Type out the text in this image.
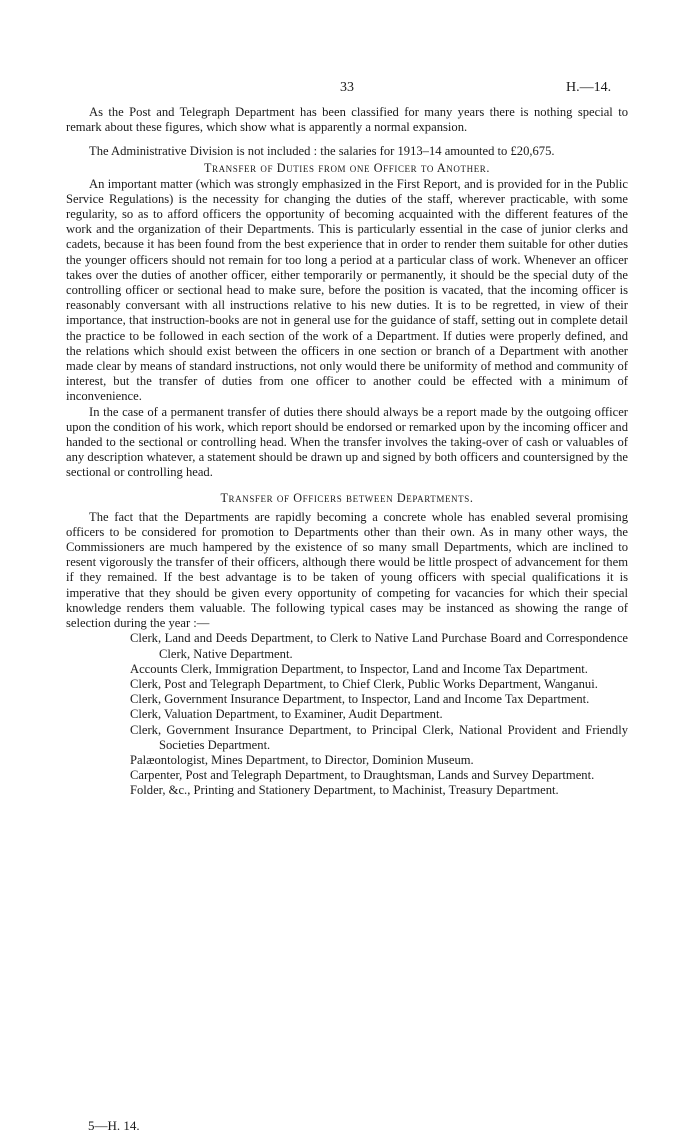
33	H.—14.

As the Post and Telegraph Department has been classified for many years there is nothing special to remark about these figures, which show what is apparently a normal expansion.

The Administrative Division is not included : the salaries for 1913–14 amounted to £20,675.

Transfer of Duties from one Officer to Another.

An important matter (which was strongly emphasized in the First Report, and is provided for in the Public Service Regulations) is the necessity for changing the duties of the staff, wherever practicable, with some regularity, so as to afford officers the opportunity of becoming acquainted with the different features of the work and the organization of their Departments. This is particularly essential in the case of junior clerks and cadets, because it has been found from the best experience that in order to render them suitable for other duties the younger officers should not remain for too long a period at a particular class of work. Whenever an officer takes over the duties of another officer, either temporarily or permanently, it should be the special duty of the controlling officer or sectional head to make sure, before the position is vacated, that the incoming officer is reasonably conversant with all instructions relative to his new duties. It is to be regretted, in view of their importance, that instruction-books are not in general use for the guidance of staff, setting out in complete detail the practice to be followed in each section of the work of a Department. If duties were properly defined, and the relations which should exist between the officers in one section or branch of a Department with another made clear by means of standard instructions, not only would there be uniformity of method and community of interest, but the transfer of duties from one officer to another could be effected with a minimum of inconvenience.

In the case of a permanent transfer of duties there should always be a report made by the outgoing officer upon the condition of his work, which report should be endorsed or remarked upon by the incoming officer and handed to the sectional or controlling head. When the transfer involves the taking-over of cash or valuables of any description whatever, a statement should be drawn up and signed by both officers and countersigned by the sectional or controlling head.

Transfer of Officers between Departments.

The fact that the Departments are rapidly becoming a concrete whole has enabled several promising officers to be considered for promotion to Departments other than their own. As in many other ways, the Commissioners are much hampered by the existence of so many small Departments, which are inclined to resent vigorously the transfer of their officers, although there would be little prospect of advancement for them if they remained. If the best advantage is to be taken of young officers with special qualifications it is imperative that they should be given every opportunity of competing for vacancies for which their special knowledge renders them valuable. The following typical cases may be instanced as showing the range of selection during the year :—

Clerk, Land and Deeds Department, to Clerk to Native Land Purchase Board and Correspondence Clerk, Native Department.
Accounts Clerk, Immigration Department, to Inspector, Land and Income Tax Department.
Clerk, Post and Telegraph Department, to Chief Clerk, Public Works Department, Wanganui.
Clerk, Government Insurance Department, to Inspector, Land and Income Tax Department.
Clerk, Valuation Department, to Examiner, Audit Department.
Clerk, Government Insurance Department, to Principal Clerk, National Provident and Friendly Societies Department.
Palæontologist, Mines Department, to Director, Dominion Museum.
Carpenter, Post and Telegraph Department, to Draughtsman, Lands and Survey Department.
Folder, &c., Printing and Stationery Department, to Machinist, Treasury Department.
5—H. 14.
